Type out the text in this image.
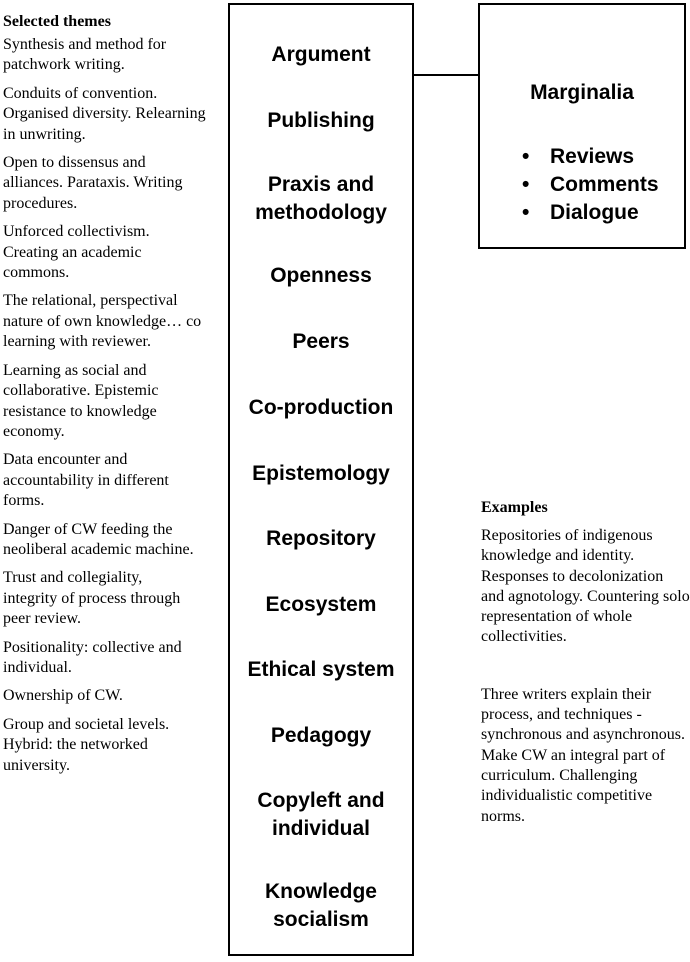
Selected themes
Synthesis and method for patchwork writing.
Conduits of convention. Organised diversity. Relearning in unwriting.
Open to dissensus and alliances. Parataxis. Writing procedures.
Unforced collectivism. Creating an academic commons.
The relational, perspectival nature of own knowledge… co learning with reviewer.
Learning as social and collaborative. Epistemic resistance to knowledge economy.
Data encounter and accountability in different forms.
Danger of CW feeding the neoliberal academic machine.
Trust and collegiality, integrity of process through peer review.
Positionality: collective and individual.
Ownership of CW.
Group and societal levels. Hybrid: the networked university.
Argument
Publishing
Praxis and methodology
Openness
Peers
Co-production
Epistemology
Repository
Ecosystem
Ethical system
Pedagogy
Copyleft and individual
Knowledge socialism
Marginalia
• Reviews
• Comments
• Dialogue
Examples

Repositories of indigenous knowledge and identity. Responses to decolonization and agnotology. Countering solo representation of whole collectivities.

Three writers explain their process, and techniques - synchronous and asynchronous. Make CW an integral part of curriculum. Challenging individualistic competitive norms.
